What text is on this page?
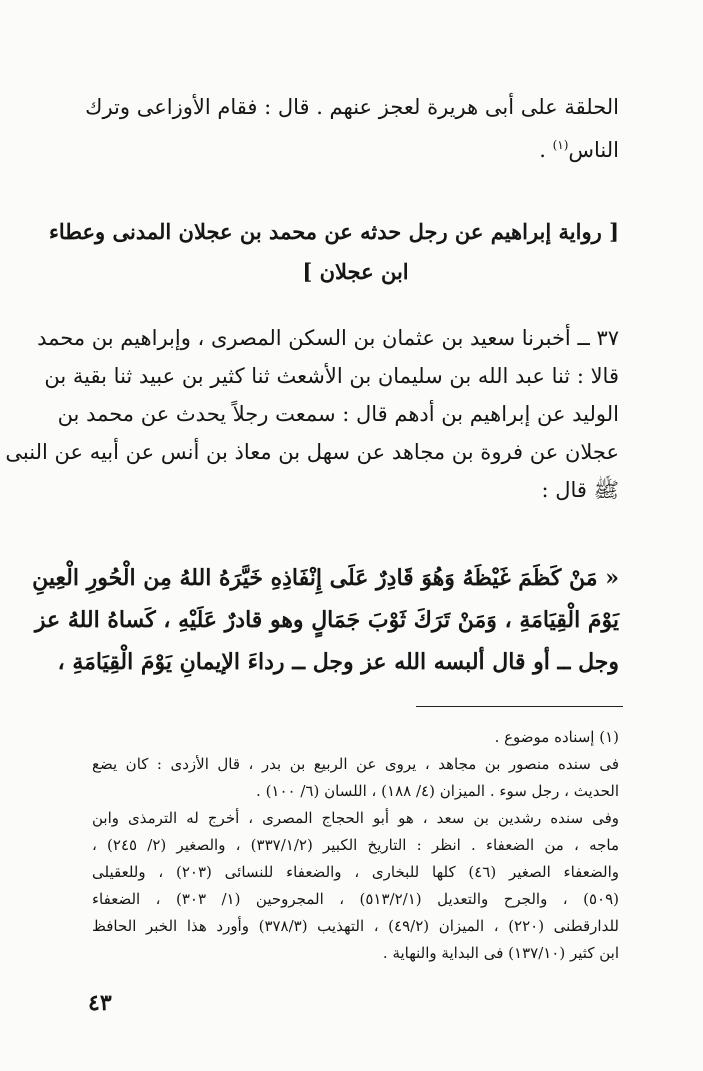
الحلقة على أبى هريرة لعجز عنهم . قال : فقام الأوزاعى وترك
الناس$^{(١)}$ .
[ رواية إبراهيم عن رجل حدثه عن محمد بن عجلان المدنى وعطاء
ابن عجلان ]
٣٧ ــ أخبرنا سعيد بن عثمان بن السكن المصرى ، وإبراهيم بن محمد
قالا : ثنا عبد الله بن سليمان بن الأشعث ثنا كثير بن عبيد ثنا بقية بن
الوليد عن إبراهيم بن أدهم قال : سمعت رجلاً يحدث عن محمد بن
عجلان عن فروة بن مجاهد عن سهل بن معاذ بن أنس عن أبيه عن النبى
ﷺ قال :
« مَنْ كَظَمَ غَيْظَهُ وَهُوَ قَادِرٌ عَلَى إِنْفَاذِهِ خَيَّرَهُ اللهُ مِن الْحُورِ الْعِينِ
يَوْمَ الْقِيَامَةِ ، وَمَنْ تَرَكَ ثَوْبَ جَمَالٍ وهو قادرٌ عَلَيْهِ ، كَساهُ اللهُ عز
وجل ــ أو قال ألبسه الله عز وجل ــ رداءَ الإيمانِ يَوْمَ الْقِيَامَةِ ،
(١) إسناده موضوع .
فى سنده منصور بن مجاهد ، يروى عن الربيع بن بدر ، قال الأزدى : كان يضع
الحديث ، رجل سوء . الميزان (٤/ ١٨٨) ، اللسان (٦/ ١٠٠) .
وفى سنده رشدين بن سعد ، هو أبو الحجاج المصرى ، أخرج له الترمذى وابن
ماجه ، من الضعفاء . انظر : التاريخ الكبير (٣٣٧/١/٢) ، والصغير (٢/ ٢٤٥) ،
والضعفاء الصغير (٤٦) كلها للبخارى ، والضعفاء للنسائى (٢٠٣) ، وللعقيلى
(٥٠٩) ، والجرح والتعديل (٥١٣/٢/١) ، المجروحين (١/ ٣٠٣) ، الضعفاء
للدارقطنى (٢٢٠) ، الميزان (٤٩/٢) ، التهذيب (٣٧٨/٣) وأورد هذا الخبر الحافظ
ابن كثير (١٣٧/١٠) فى البداية والنهاية .
٤٣
